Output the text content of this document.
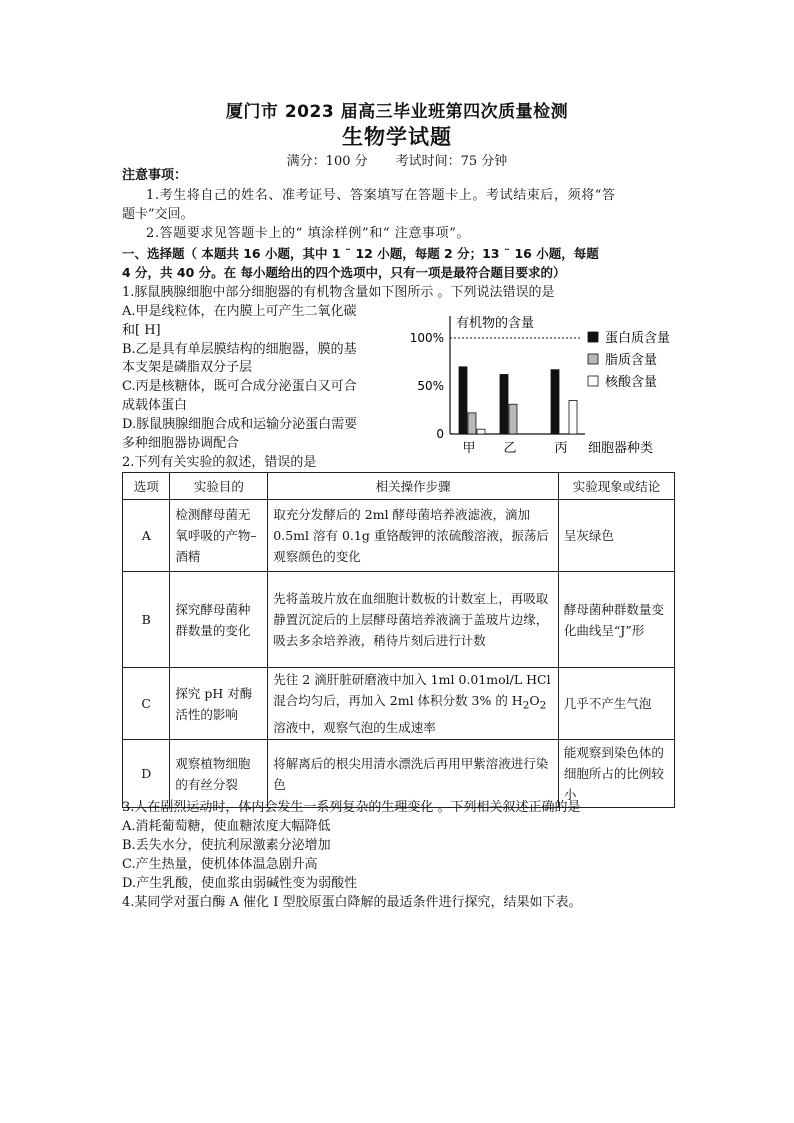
厦门市 2023 届高三毕业班第四次质量检测
生物学试题
满分：100 分 考试时间：75 分钟
注意事项：
1.考生将自己的姓名、准考证号、答案填写在答题卡上。考试结束后，须将“答
题卡”交回。
2.答题要求见答题卡上的“ 填涂样例”和“ 注意事项”。
一、选择题（ 本题共 16 小题，其中 1 ˜ 12 小题，每题 2 分；13 ˜ 16 小题，每题
4 分，共 40 分。在 每小题给出的四个选项中，只有一项是最符合题目要求的）
1.豚鼠胰腺细胞中部分细胞器的有机物含量如下图所示 。下列说法错误的是
A.甲是线粒体，在内膜上可产生二氧化碳
和[ H]
B.乙是具有单层膜结构的细胞器，膜的基
本支架是磷脂双分子层
C.丙是核糖体，既可合成分泌蛋白又可合
成载体蛋白
D.豚鼠胰腺细胞合成和运输分泌蛋白需要
多种细胞器协调配合
有机物的含量
细胞器种类
0
50%
100%
甲 乙	丙
蛋白质含量
脂质含量
核酸含量
2.下列有关实验的叙述，错误的是
选项	实验目的	相关操作步骤	实验现象或结论
A	检测酵母菌无氧呼吸的产物–酒精	取充分发酵后的 2ml 酵母菌培养液滤液，滴加 0.5ml 溶有 0.1g 重铬酸钾的浓硫酸溶液，振荡后观察颜色的变化	呈灰绿色
B	探究酵母菌种群数量的变化	先将盖玻片放在血细胞计数板的计数室上，再吸取静置沉淀后的上层酵母菌培养液滴于盖玻片边缘，吸去多余培养液，稍待片刻后进行计数	酵母菌种群数量变化曲线呈“J”形
C	探究 pH 对酶活性的影响	先往 2 滴肝脏研磨液中加入 1ml 0.01mol/L HCl 混合均匀后，再加入 2ml 体积分数 3% 的 $H_2O_2$溶液中，观察气泡的生成速率	几乎不产生气泡
D	观察植物细胞的有丝分裂	将解离后的根尖用清水漂洗后再用甲紫溶液进行染色	能观察到染色体的细胞所占的比例较小
3.人在剧烈运动时，体内会发生一系列复杂的生理变化 。下列相关叙述正确的是
A.消耗葡萄糖，使血糖浓度大幅降低
B.丢失水分，使抗利尿激素分泌增加
C.产生热量，使机体体温急剧升高
D.产生乳酸，使血浆由弱碱性变为弱酸性
4.某同学对蛋白酶 A 催化 Ⅰ 型胶原蛋白降解的最适条件进行探究，结果如下表。
